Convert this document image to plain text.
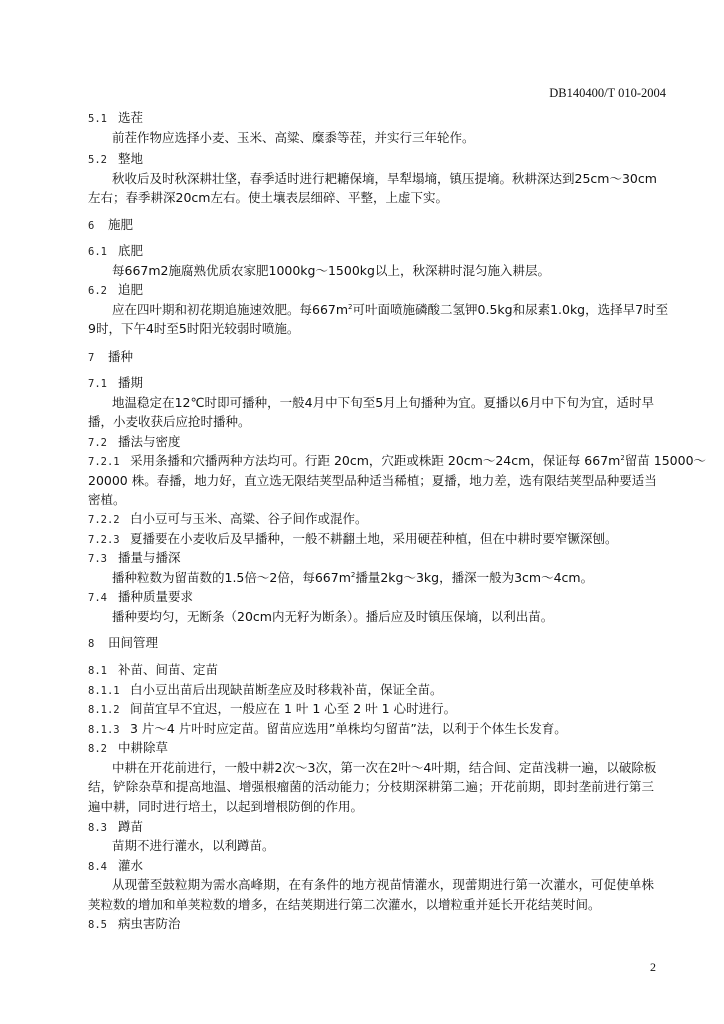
DB140400/T 010-2004
5.1 选茬
前茬作物应选择小麦、玉米、高粱、糜黍等茬，并实行三年轮作。
5.2 整地
秋收后及时秋深耕壮垡，春季适时进行耙耱保墒，旱犁塌墒，镇压提墒。秋耕深达到25cm～30cm
左右；春季耕深20cm左右。使土壤表层细碎、平整，上虚下实。
6 施肥
6.1 底肥
每667m2施腐熟优质农家肥1000kg～1500kg以上，秋深耕时混匀施入耕层。
6.2 追肥
应在四叶期和初花期追施速效肥。每$667m^2$可叶面喷施磷酸二氢钾0.5kg和尿素1.0kg，选择早7时至
9时，下午4时至5时阳光较弱时喷施。
7 播种
7.1 播期
地温稳定在12℃时即可播种，一般4月中下旬至5月上旬播种为宜。夏播以6月中下旬为宜，适时早
播，小麦收获后应抢时播种。
7.2 播法与密度
7.2.1 采用条播和穴播两种方法均可。行距 20cm，穴距或株距 20cm～24cm，保证每 $667m^2$留苗 15000～
20000 株。春播，地力好，直立选无限结荚型品种适当稀植；夏播，地力差，选有限结荚型品种要适当
密植。
7.2.2 白小豆可与玉米、高粱、谷子间作或混作。
7.2.3 夏播要在小麦收后及早播种，一般不耕翻土地，采用硬茬种植，但在中耕时要窄镢深刨。
7.3 播量与播深
播种粒数为留苗数的1.5倍～2倍，每$667m^2$播量2kg～3kg，播深一般为3cm～4cm。
7.4 播种质量要求
播种要均匀，无断条（20cm内无籽为断条）。播后应及时镇压保墒，以利出苗。
8 田间管理
8.1 补苗、间苗、定苗
8.1.1 白小豆出苗后出现缺苗断垄应及时移栽补苗，保证全苗。
8.1.2 间苗宜早不宜迟，一般应在 1 叶 1 心至 2 叶 1 心时进行。
8.1.3 3 片～4 片叶时应定苗。留苗应选用”单株均匀留苗”法，以利于个体生长发育。
8.2 中耕除草
中耕在开花前进行，一般中耕2次～3次，第一次在2叶～4叶期，结合间、定苗浅耕一遍，以破除板
结，铲除杂草和提高地温、增强根瘤菌的活动能力；分枝期深耕第二遍；开花前期，即封垄前进行第三
遍中耕，同时进行培土，以起到增根防倒的作用。
8.3 蹲苗
苗期不进行灌水，以利蹲苗。
8.4 灌水
从现蕾至鼓粒期为需水高峰期，在有条件的地方视苗情灌水，现蕾期进行第一次灌水，可促使单株
荚粒数的增加和单荚粒数的增多，在结荚期进行第二次灌水，以增粒重并延长开花结荚时间。
8.5 病虫害防治
2
